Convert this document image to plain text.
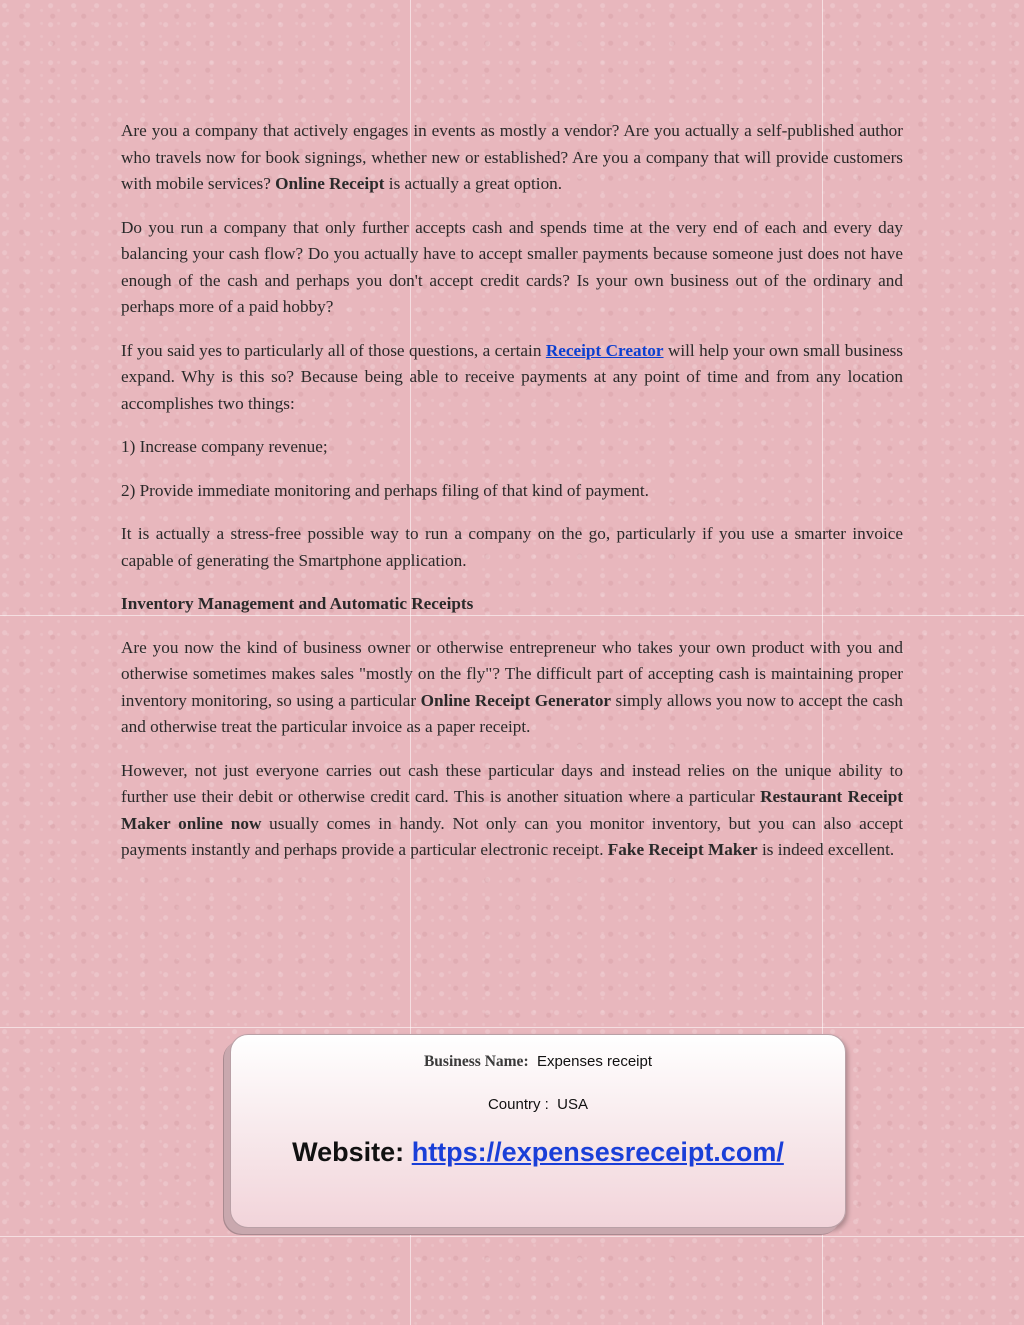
Are you a company that actively engages in events as mostly a vendor? Are you actually a self-published author who travels now for book signings, whether new or established? Are you a company that will provide customers with mobile services? Online Receipt is actually a great option.

Do you run a company that only further accepts cash and spends time at the very end of each and every day balancing your cash flow? Do you actually have to accept smaller payments because someone just does not have enough of the cash and perhaps you don't accept credit cards? Is your own business out of the ordinary and perhaps more of a paid hobby?

If you said yes to particularly all of those questions, a certain Receipt Creator will help your own small business expand. Why is this so? Because being able to receive payments at any point of time and from any location accomplishes two things:

1) Increase company revenue;

2) Provide immediate monitoring and perhaps filing of that kind of payment.

It is actually a stress-free possible way to run a company on the go, particularly if you use a smarter invoice capable of generating the Smartphone application.

Inventory Management and Automatic Receipts

Are you now the kind of business owner or otherwise entrepreneur who takes your own product with you and otherwise sometimes makes sales "mostly on the fly"? The difficult part of accepting cash is maintaining proper inventory monitoring, so using a particular Online Receipt Generator simply allows you now to accept the cash and otherwise treat the particular invoice as a paper receipt.

However, not just everyone carries out cash these particular days and instead relies on the unique ability to further use their debit or otherwise credit card. This is another situation where a particular Restaurant Receipt Maker online now usually comes in handy. Not only can you monitor inventory, but you can also accept payments instantly and perhaps provide a particular electronic receipt. Fake Receipt Maker is indeed excellent.

Business Name: Expenses receipt
Country : USA
Website: https://expensesreceipt.com/
